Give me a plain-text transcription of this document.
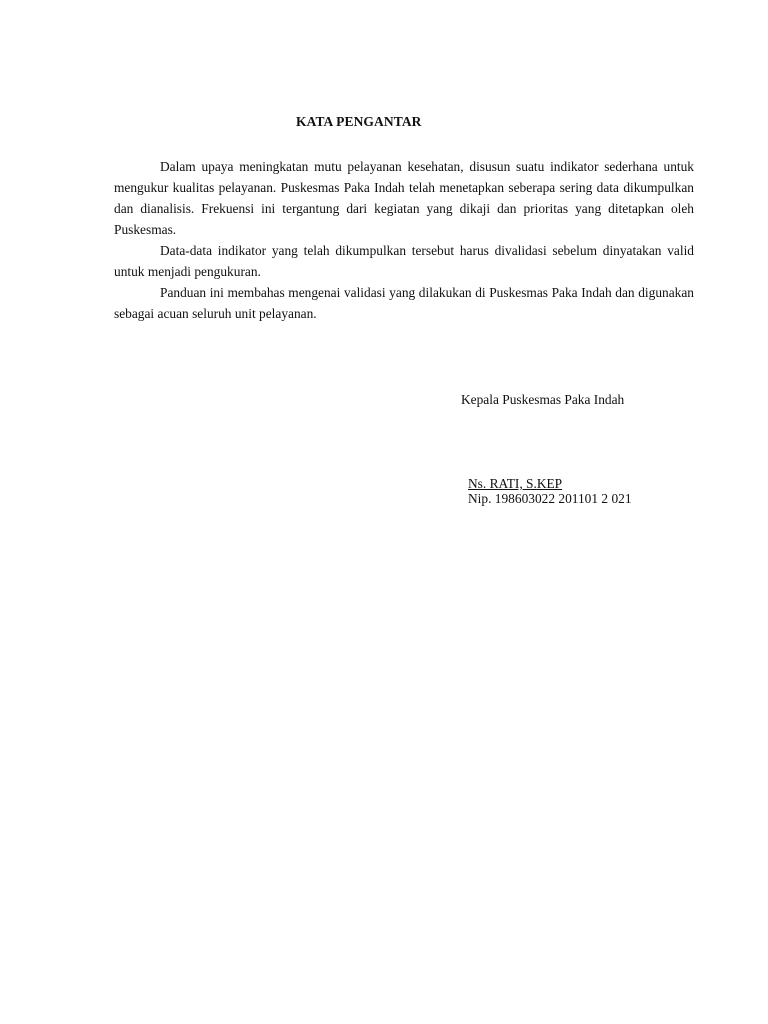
KATA PENGANTAR

Dalam upaya meningkatan mutu pelayanan kesehatan, disusun suatu indikator sederhana untuk mengukur kualitas pelayanan. Puskesmas Paka Indah telah menetapkan seberapa sering data dikumpulkan dan dianalisis. Frekuensi ini tergantung dari kegiatan yang dikaji dan prioritas yang ditetapkan oleh Puskesmas.

Data-data indikator yang telah dikumpulkan tersebut harus divalidasi sebelum dinyatakan valid untuk menjadi pengukuran.

Panduan ini membahas mengenai validasi yang dilakukan di Puskesmas Paka Indah dan digunakan sebagai acuan seluruh unit pelayanan.

Kepala Puskesmas Paka Indah
Ns. RATI, S.KEP
Nip. 198603022 201101 2 021
